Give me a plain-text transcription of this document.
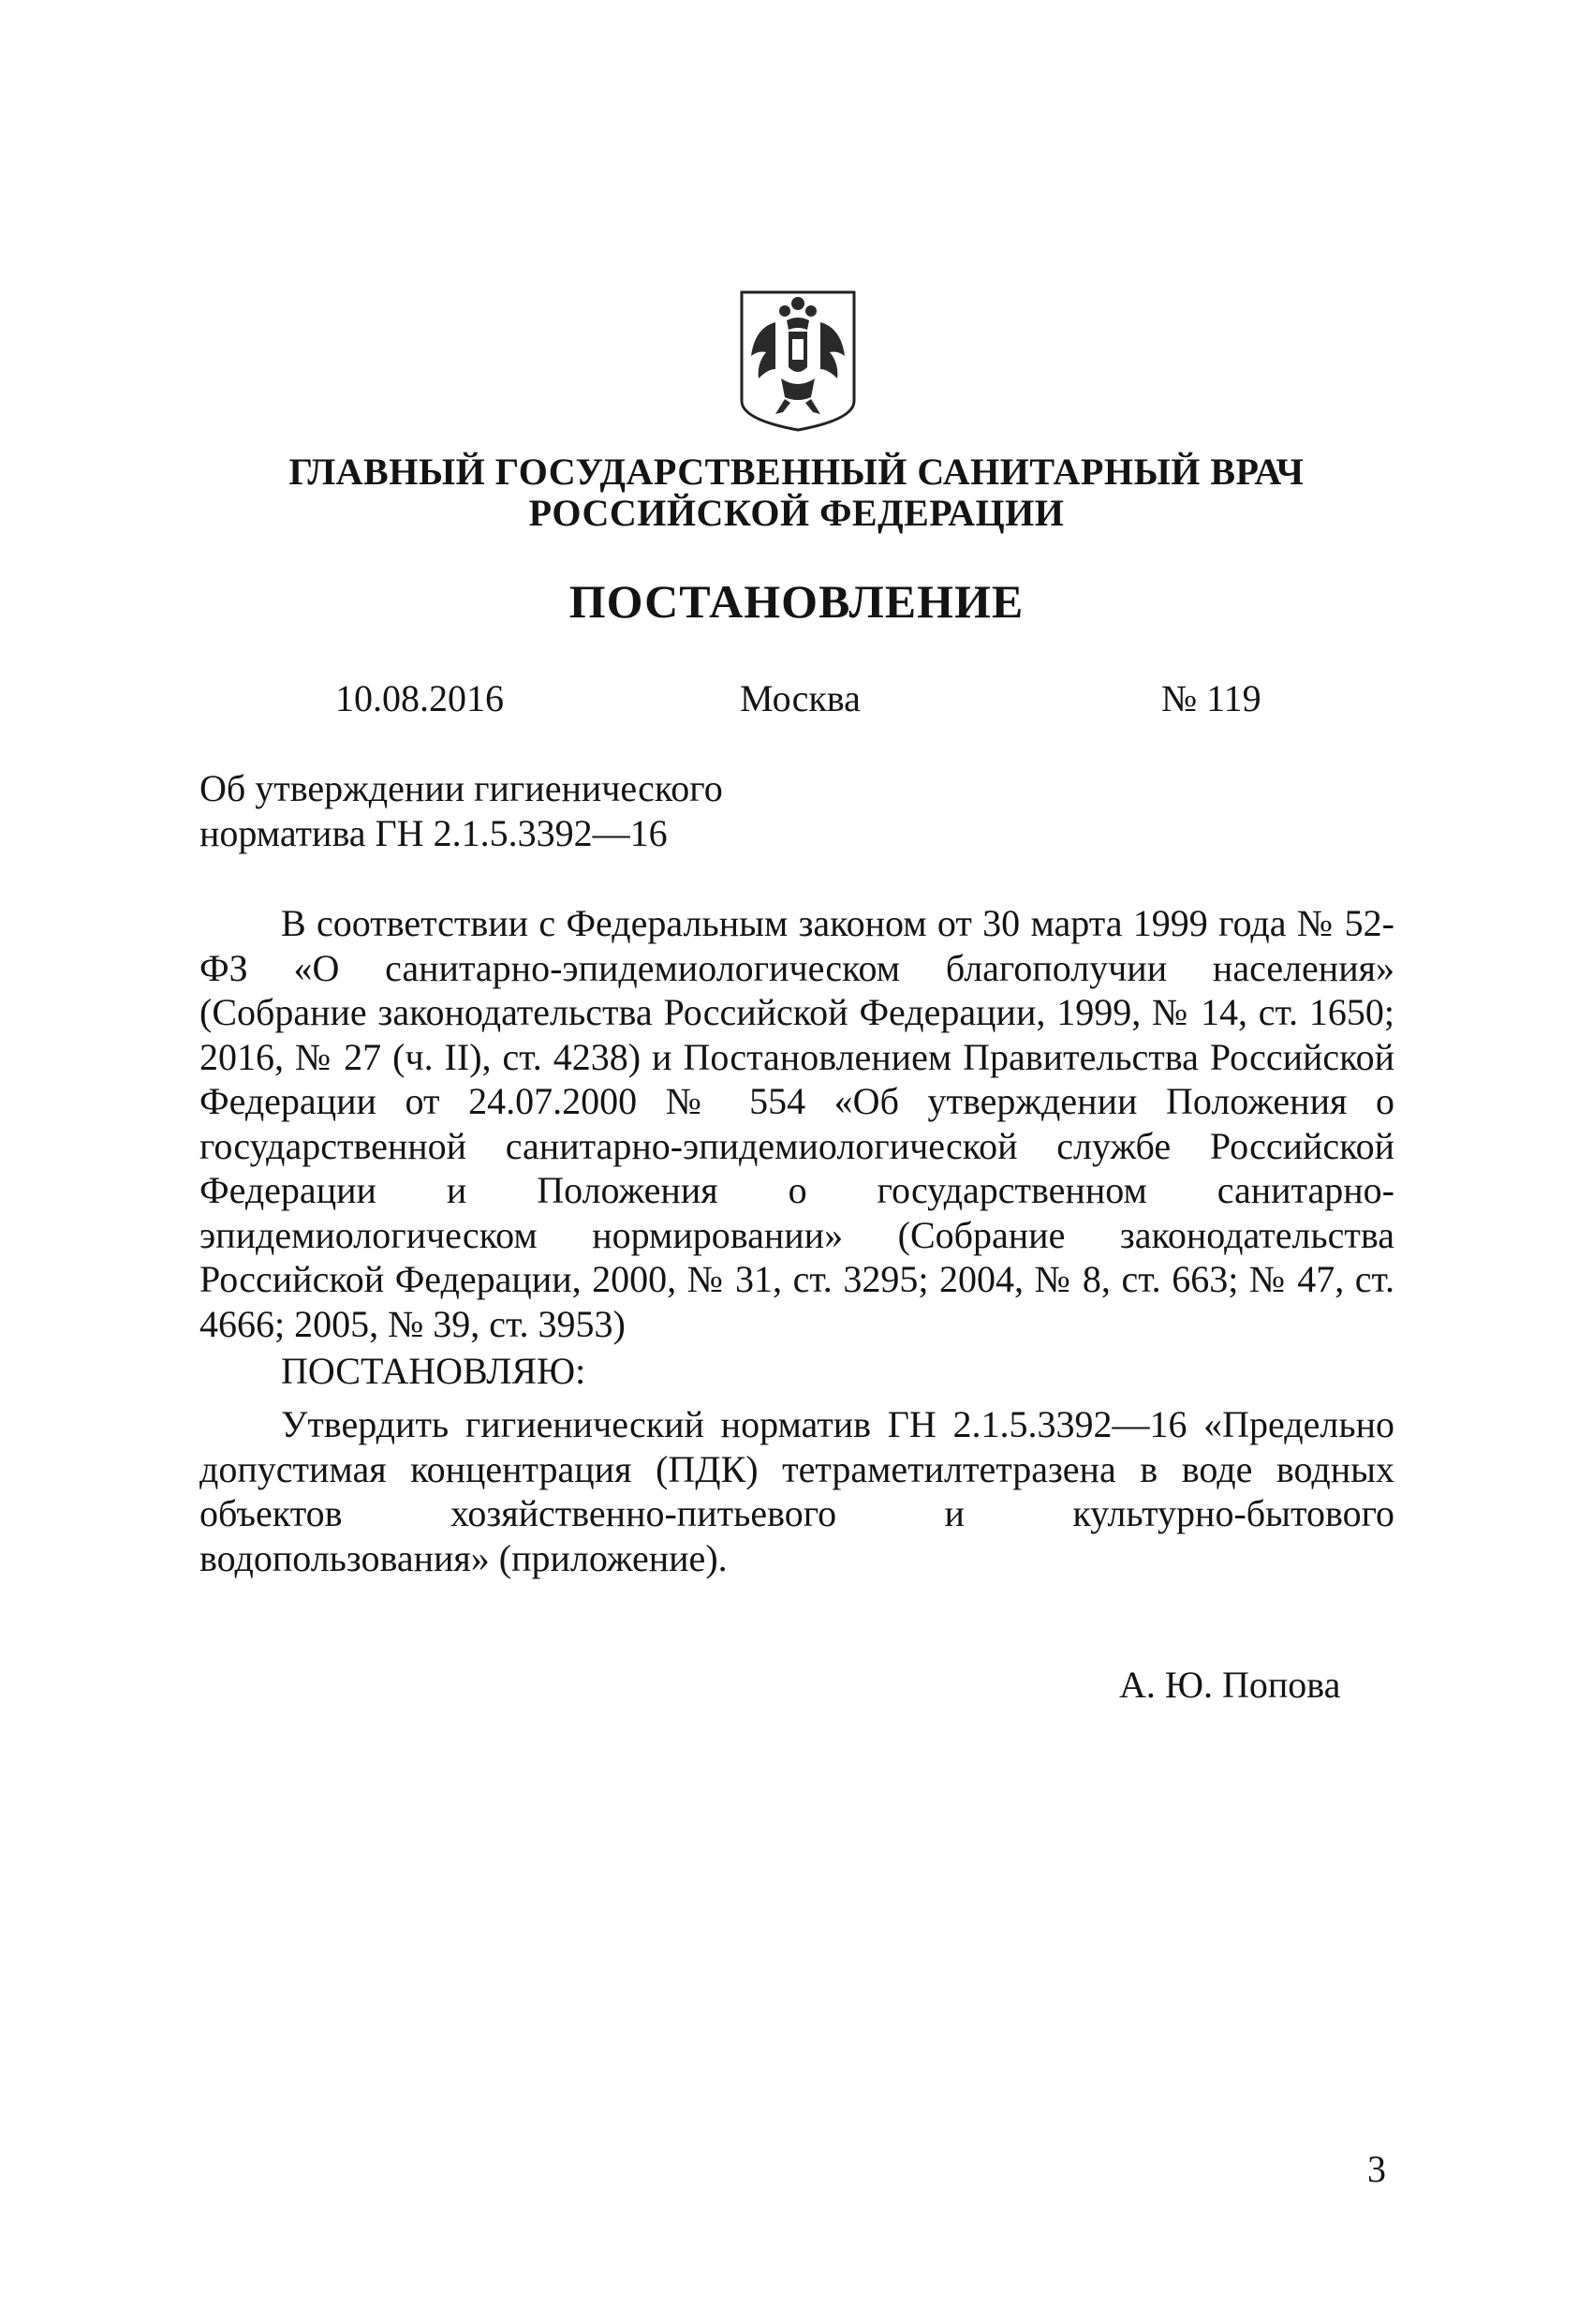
ГЛАВНЫЙ ГОСУДАРСТВЕННЫЙ САНИТАРНЫЙ ВРАЧ
РОССИЙСКОЙ ФЕДЕРАЦИИ
ПОСТАНОВЛЕНИЕ
10.08.2016	Москва	№ 119
Об утверждении гигиенического
норматива ГН 2.1.5.3392—16

В соответствии с Федеральным законом от 30 марта 1999 года № 52-ФЗ «О санитарно-эпидемиологическом благополучии населения» (Собрание законодательства Российской Федерации, 1999, № 14, ст. 1650; 2016, № 27 (ч. II), ст. 4238) и Постановлением Правительства Российской Федерации от 24.07.2000 № 554 «Об утверждении Положения о государственной санитарно-эпидемиологической службе Российской Федерации и Положения о государственном санитарно-эпидемиологическом нормировании» (Собрание законодательства Российской Федерации, 2000, № 31, ст. 3295; 2004, № 8, ст. 663; № 47, ст. 4666; 2005, № 39, ст. 3953)

ПОСТАНОВЛЯЮ:

Утвердить гигиенический норматив ГН 2.1.5.3392—16 «Предельно допустимая концентрация (ПДК) тетраметилтетразена в воде водных объектов хозяйственно-питьевого и культурно-бытового водопользования» (приложение).

А. Ю. Попова
3
